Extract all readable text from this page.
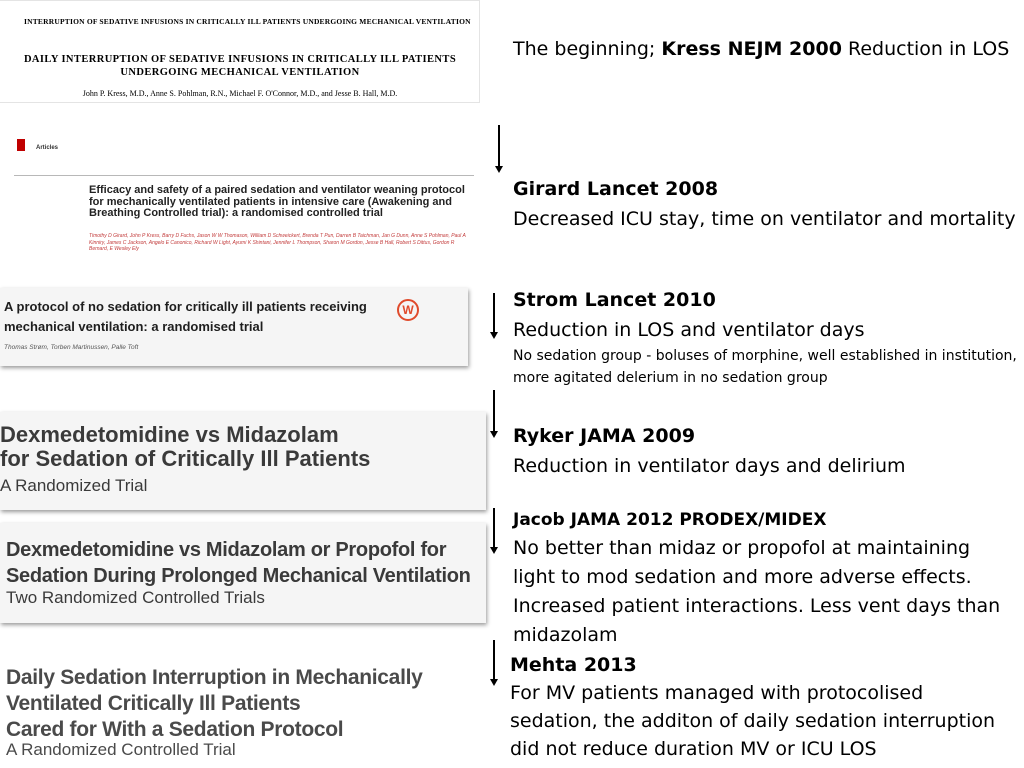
INTERRUPTION OF SEDATIVE INFUSIONS IN CRITICALLY ILL PATIENTS UNDERGOING MECHANICAL VENTILATION
DAILY INTERRUPTION OF SEDATIVE INFUSIONS IN CRITICALLY ILL PATIENTS
UNDERGOING MECHANICAL VENTILATION
John P. Kress, M.D., Anne S. Pohlman, R.N., Michael F. O'Connor, M.D., and Jesse B. Hall, M.D.
Articles
Efficacy and safety of a paired sedation and ventilator weaning protocol for mechanically ventilated patients in intensive care (Awakening and Breathing Controlled trial): a randomised controlled trial
Timothy D Girard, John P Kress, Barry D Fuchs, Jason W W Thomason, William D Schweickert, Brenda T Pun, Darren B Taichman, Jan G Dunn, Anne S Pohlman, Paul A Kinniry, James C Jackson, Angelo E Canonico, Richard W Light, Ayumi K Shintani, Jennifer L Thompson, Sharon M Gordon, Jesse B Hall, Robert S Dittus, Gordon R Bernard, E Wesley Ely
A protocol of no sedation for critically ill patients receiving mechanical ventilation: a randomised trial
W
Thomas Strøm, Torben Martinussen, Palle Toft
Dexmedetomidine vs Midazolam
for Sedation of Critically Ill Patients
A Randomized Trial
Dexmedetomidine vs Midazolam or Propofol for
Sedation During Prolonged Mechanical Ventilation
Two Randomized Controlled Trials
Daily Sedation Interruption in Mechanically
Ventilated Critically Ill Patients
Cared for With a Sedation Protocol
A Randomized Controlled Trial
The beginning; Kress NEJM 2000 Reduction in LOS
Girard Lancet 2008
Decreased ICU stay, time on ventilator and mortality
Strom Lancet 2010
Reduction in LOS and ventilator days
No sedation group - boluses of morphine, well established in institution, more agitated delerium in no sedation group
Ryker JAMA 2009
Reduction in ventilator days and delirium
Jacob JAMA 2012 PRODEX/MIDEX
No better than midaz or propofol at maintaining light to mod sedation and more adverse effects. Increased patient interactions. Less vent days than midazolam
Mehta 2013
For MV patients managed with protocolised sedation, the additon of daily sedation interruption did not reduce duration MV or ICU LOS
